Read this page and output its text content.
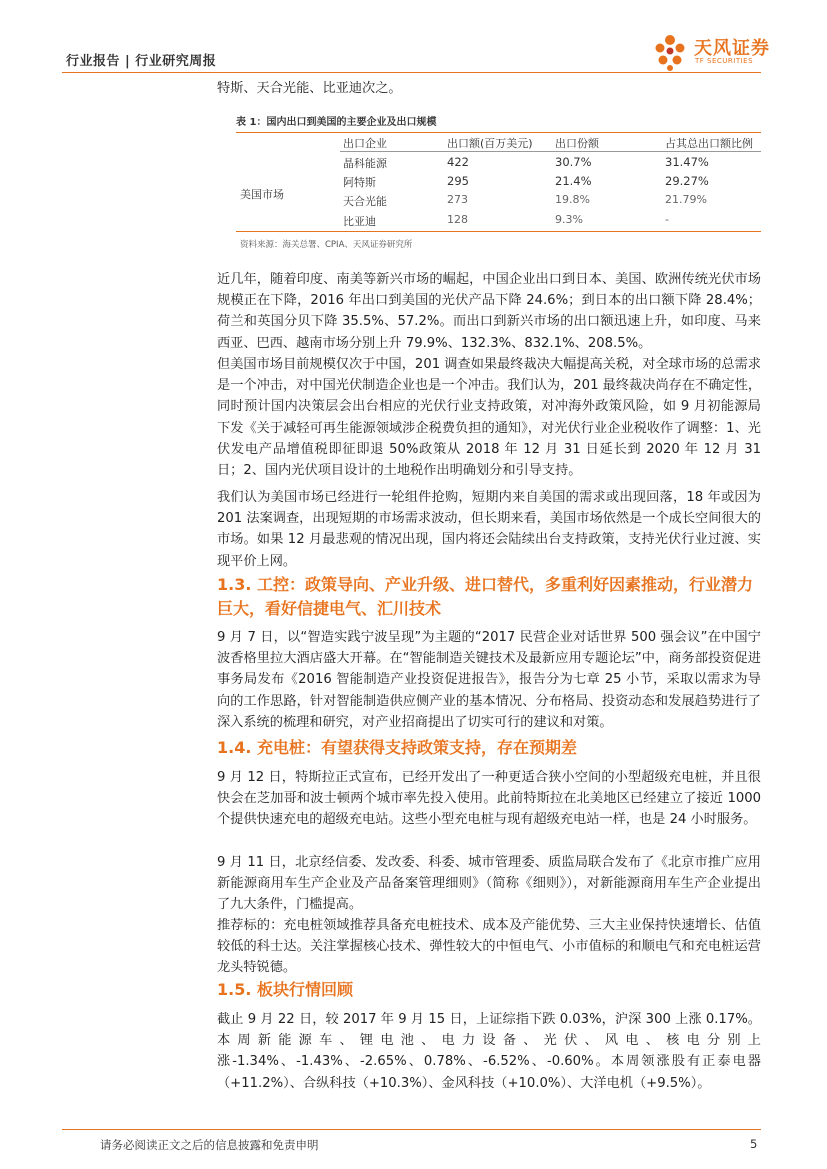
行业报告 | 行业研究周报
天风证券
TF SECURITIES
特斯、天合光能、比亚迪次之。
表 1：国内出口到美国的主要企业及出口规模
出口企业	出口额(百万美元) 出口份额	占其总出口额比例
美国市场
晶科能源	422	30.7%	31.47%
阿特斯	295	21.4%	29.27%
天合光能	273	19.8%	21.79%
比亚迪	128	9.3%	-
资料来源：海关总署、CPIA、天风证券研究所
近几年，随着印度、南美等新兴市场的崛起，中国企业出口到日本、美国、欧洲传统光伏市场规模正在下降，2016 年出口到美国的光伏产品下降 24.6%；到日本的出口额下降 28.4%；荷兰和英国分贝下降 35.5%、57.2%。而出口到新兴市场的出口额迅速上升，如印度、马来西亚、巴西、越南市场分别上升 79.9%、132.3%、832.1%、208.5%。
但美国市场目前规模仅次于中国，201 调查如果最终裁决大幅提高关税，对全球市场的总需求是一个冲击，对中国光伏制造企业也是一个冲击。我们认为，201 最终裁决尚存在不确定性，同时预计国内决策层会出台相应的光伏行业支持政策，对冲海外政策风险，如 9 月初能源局下发《关于减轻可再生能源领域涉企税费负担的通知》，对光伏行业企业税收作了调整：1、光伏发电产品增值税即征即退 50%政策从 2018 年 12 月 31 日延长到 2020 年 12 月 31 日；2、国内光伏项目设计的土地税作出明确划分和引导支持。
我们认为美国市场已经进行一轮组件抢购，短期内来自美国的需求或出现回落，18 年或因为 201 法案调查，出现短期的市场需求波动，但长期来看，美国市场依然是一个成长空间很大的市场。如果 12 月最悲观的情况出现，国内将还会陆续出台支持政策，支持光伏行业过渡、实现平价上网。
1.3. 工控：政策导向、产业升级、进口替代，多重利好因素推动，行业潜力巨大，看好信捷电气、汇川技术
9 月 7 日，以“智造实践宁波呈现”为主题的“2017 民营企业对话世界 500 强会议”在中国宁波香格里拉大酒店盛大开幕。在“智能制造关键技术及最新应用专题论坛”中，商务部投资促进事务局发布《2016 智能制造产业投资促进报告》，报告分为七章 25 小节，采取以需求为导向的工作思路，针对智能制造供应侧产业的基本情况、分布格局、投资动态和发展趋势进行了深入系统的梳理和研究，对产业招商提出了切实可行的建议和对策。
1.4. 充电桩：有望获得支持政策支持，存在预期差
9 月 12 日，特斯拉正式宣布，已经开发出了一种更适合狭小空间的小型超级充电桩，并且很快会在芝加哥和波士顿两个城市率先投入使用。此前特斯拉在北美地区已经建立了接近 1000 个提供快速充电的超级充电站。这些小型充电桩与现有超级充电站一样，也是 24 小时服务。
9 月 11 日，北京经信委、发改委、科委、城市管理委、质监局联合发布了《北京市推广应用新能源商用车生产企业及产品备案管理细则》（简称《细则》），对新能源商用车生产企业提出了九大条件，门槛提高。
推荐标的：充电桩领域推荐具备充电桩技术、成本及产能优势、三大主业保持快速增长、估值较低的科士达。关注掌握核心技术、弹性较大的中恒电气、小市值标的和顺电气和充电桩运营龙头特锐德。
1.5. 板块行情回顾
截止 9 月 22 日，较 2017 年 9 月 15 日，上证综指下跌 0.03%，沪深 300 上涨 0.17%。本周新能源车、锂电池、电力设备、光伏、风电、核电分别上涨-1.34%、-1.43%、-2.65%、0.78%、-6.52%、-0.60%。本周领涨股有正泰电器（+11.2%）、合纵科技（+10.3%）、金风科技（+10.0%）、大洋电机（+9.5%）。
请务必阅读正文之后的信息披露和免责申明	5
